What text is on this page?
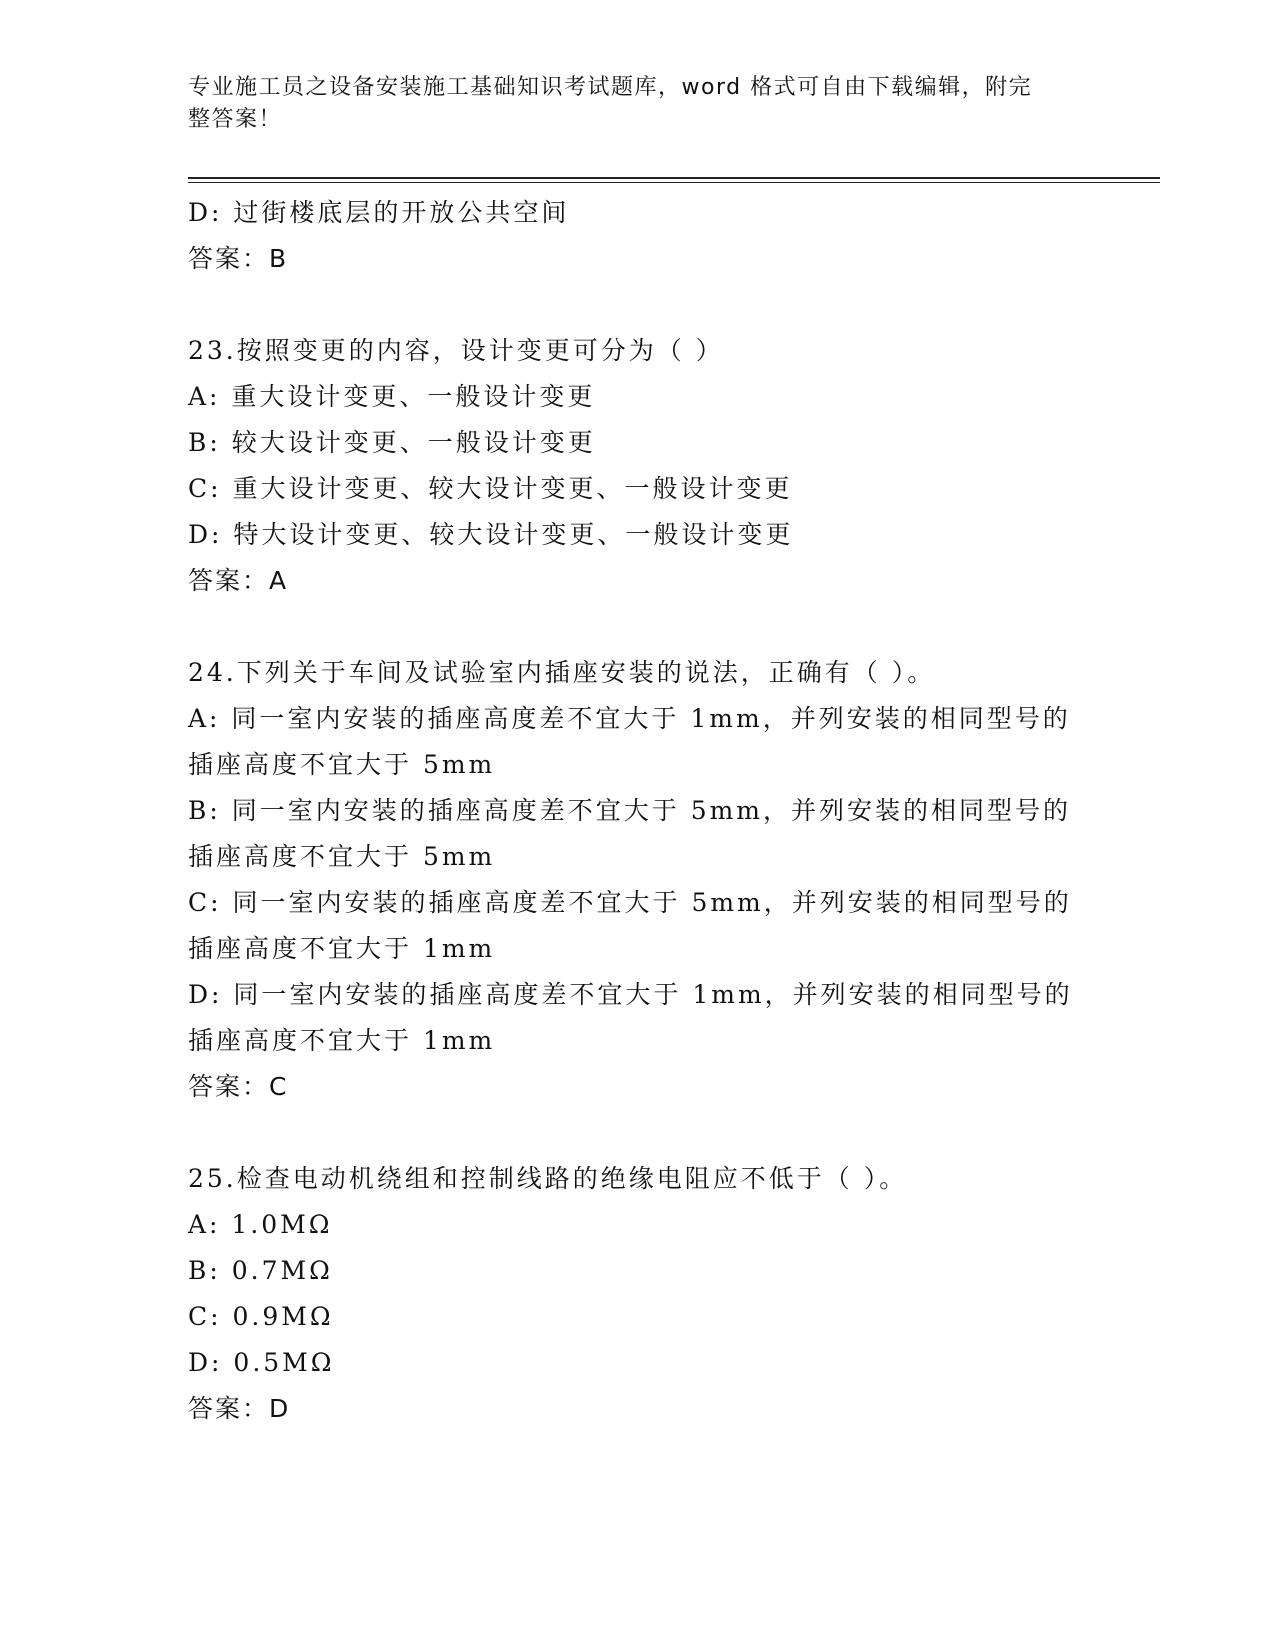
专业施工员之设备安装施工基础知识考试题库，word 格式可自由下载编辑，附完
整答案！
D: 过街楼底层的开放公共空间
答案：B
23.按照变更的内容，设计变更可分为（ ）
A: 重大设计变更、一般设计变更
B: 较大设计变更、一般设计变更
C: 重大设计变更、较大设计变更、一般设计变更
D: 特大设计变更、较大设计变更、一般设计变更
答案：A
24.下列关于车间及试验室内插座安装的说法，正确有（ ）。
A: 同一室内安装的插座高度差不宜大于 1mm，并列安装的相同型号的
插座高度不宜大于 5mm
B: 同一室内安装的插座高度差不宜大于 5mm，并列安装的相同型号的
插座高度不宜大于 5mm
C: 同一室内安装的插座高度差不宜大于 5mm，并列安装的相同型号的
插座高度不宜大于 1mm
D: 同一室内安装的插座高度差不宜大于 1mm，并列安装的相同型号的
插座高度不宜大于 1mm
答案：C
25.检查电动机绕组和控制线路的绝缘电阻应不低于（ ）。
A: 1.0MΩ
B: 0.7MΩ
C: 0.9MΩ
D: 0.5MΩ
答案：D
